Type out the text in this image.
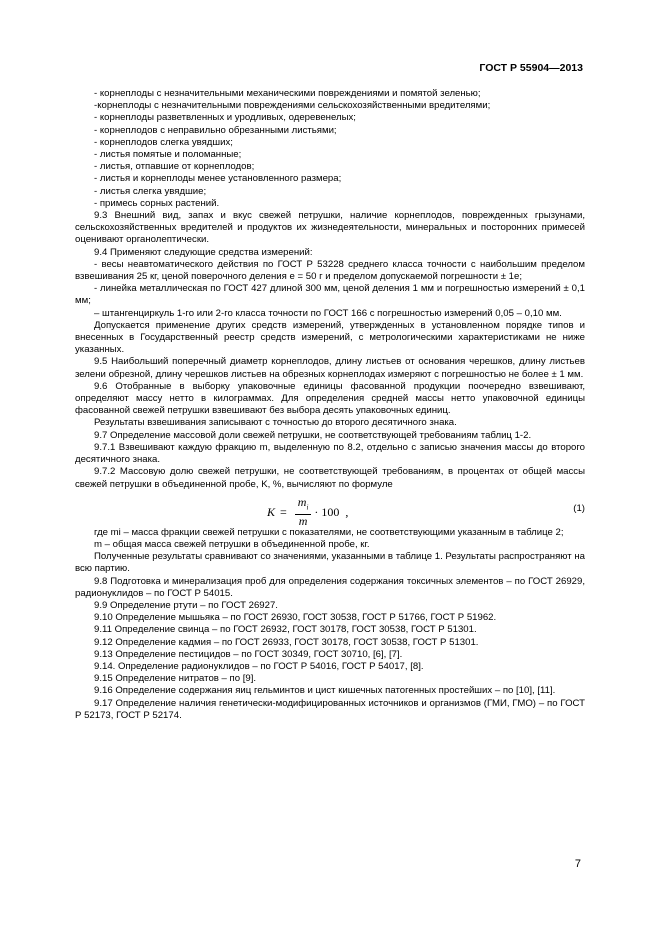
ГОСТ Р 55904—2013

- корнеплоды с незначительными механическими повреждениями и помятой зеленью;

-корнеплоды с незначительными повреждениями сельскохозяйственными вредителями;

- корнеплоды разветвленных и уродливых, одеревенелых;

- корнеплодов с неправильно обрезанными листьями;

- корнеплодов слегка увядших;

- листья помятые и поломанные;

- листья, отпавшие от корнеплодов;

- листья и корнеплоды менее установленного размера;

- листья слегка увядшие;

- примесь сорных растений.

9.3 Внешний вид, запах и вкус свежей петрушки, наличие корнеплодов, поврежденных грызунами, сельскохозяйственных вредителей и продуктов их жизнедеятельности, минеральных и посторонних примесей оценивают органолептически.

9.4 Применяют следующие средства измерений:

- весы неавтоматического действия по ГОСТ Р 53228 среднего класса точности с наибольшим пределом взвешивания 25 кг, ценой поверочного деления e = 50 г и пределом допускаемой погрешности ± 1e;

- линейка металлическая по ГОСТ 427 длиной 300 мм, ценой деления 1 мм и погрешностью измерений ± 0,1 мм;

– штангенциркуль 1-го или 2-го класса точности по ГОСТ 166 с погрешностью измерений 0,05 – 0,10 мм.

Допускается применение других средств измерений, утвержденных в установленном порядке типов и внесенных в Государственный реестр средств измерений, с метрологическими характеристиками не ниже указанных.

9.5 Наибольший поперечный диаметр корнеплодов, длину листьев от основания черешков, длину листьев зелени обрезной, длину черешков листьев на обрезных корнеплодах измеряют с погрешностью не более ± 1 мм.

9.6 Отобранные в выборку упаковочные единицы фасованной продукции поочередно взвешивают, определяют массу нетто в килограммах. Для определения средней массы нетто упаковочной единицы фасованной свежей петрушки взвешивают без выбора десять упаковочных единиц.

Результаты взвешивания записывают с точностью до второго десятичного знака.

9.7 Определение массовой доли свежей петрушки, не соответствующей требованиям таблиц 1-2.

9.7.1 Взвешивают каждую фракцию m, выделенную по 8.2, отдельно с записью значения массы до второго десятичного знака.

9.7.2 Массовую долю свежей петрушки, не соответствующей требованиям, в процентах от общей массы свежей петрушки в объединенной пробе, K, %, вычисляют по формуле

$K = \frac{m_i}{m} \cdot 100$ ,	(1)

где mi – масса фракции свежей петрушки с показателями, не соответствующими указанным в таблице 2;

m – общая масса свежей петрушки в объединенной пробе, кг.

Полученные результаты сравнивают со значениями, указанными в таблице 1. Результаты распространяют на всю партию.

9.8 Подготовка и минерализация проб для определения содержания токсичных элементов – по ГОСТ 26929, радионуклидов – по ГОСТ Р 54015.

9.9 Определение ртути – по ГОСТ 26927.

9.10 Определение мышьяка – по ГОСТ 26930, ГОСТ 30538, ГОСТ Р 51766, ГОСТ Р 51962.

9.11 Определение свинца – по ГОСТ 26932, ГОСТ 30178, ГОСТ 30538, ГОСТ Р 51301.

9.12 Определение кадмия – по ГОСТ 26933, ГОСТ 30178, ГОСТ 30538, ГОСТ Р 51301.

9.13 Определение пестицидов – по ГОСТ 30349, ГОСТ 30710, [6], [7].

9.14. Определение радионуклидов – по ГОСТ Р 54016, ГОСТ Р 54017, [8].

9.15 Определение нитратов – по [9].

9.16 Определение содержания яиц гельминтов и цист кишечных патогенных простейших – по [10], [11].

9.17 Определение наличия генетически-модифицированных источников и организмов (ГМИ, ГМО) – по ГОСТ Р 52173, ГОСТ Р 52174.

7
